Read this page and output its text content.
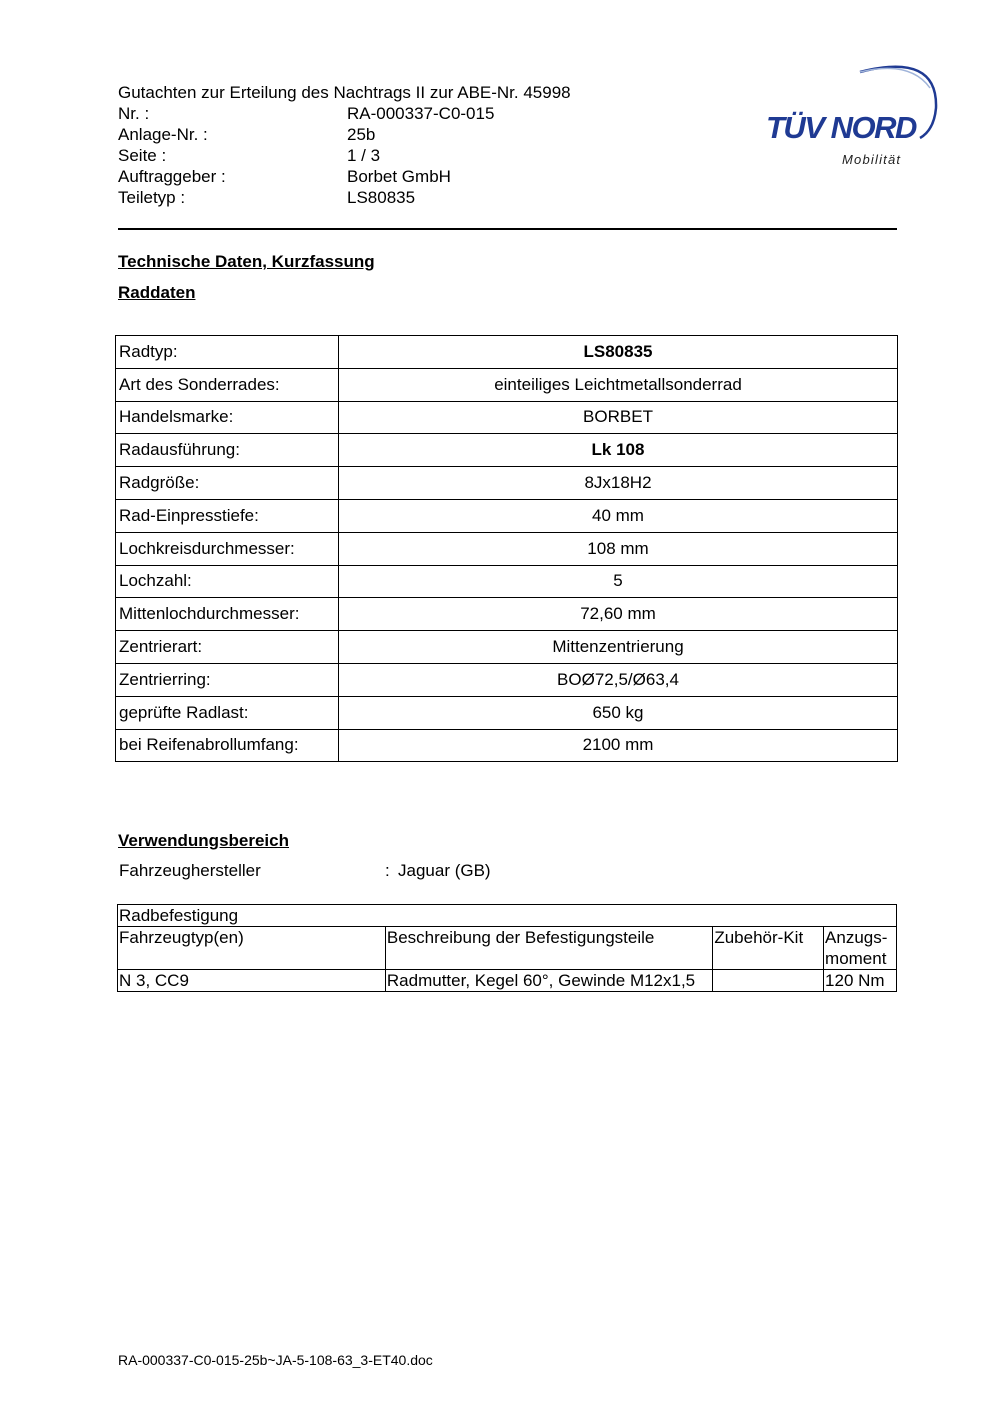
Gutachten zur Erteilung des Nachtrags II zur ABE-Nr. 45998
Nr. :	RA-000337-C0-015
Anlage-Nr. :	25b
Seite :	1 / 3
Auftraggeber :	Borbet GmbH
Teiletyp :	LS80835
TÜV NORD
Mobilität
Technische Daten, Kurzfassung
Raddaten
Radtyp:	LS80835
Art des Sonderrades:	einteiliges Leichtmetallsonderrad
Handelsmarke:	BORBET
Radausführung:	Lk 108
Radgröße:	8Jx18H2
Rad-Einpresstiefe:	40 mm
Lochkreisdurchmesser:	108 mm
Lochzahl:	5
Mittenlochdurchmesser:	72,60 mm
Zentrierart:	Mittenzentrierung
Zentrierring:	BOØ72,5/Ø63,4
geprüfte Radlast:	650 kg
bei Reifenabrollumfang:	2100 mm
Verwendungsbereich
Fahrzeughersteller	: Jaguar (GB)
Radbefestigung			
Fahrzeugtyp(en)	Beschreibung der Befestigungsteile	Zubehör-Kit	Anzugs-moment
N 3, CC9	Radmutter, Kegel 60°, Gewinde M12x1,5		120 Nm
RA-000337-C0-015-25b~JA-5-108-63_3-ET40.doc
